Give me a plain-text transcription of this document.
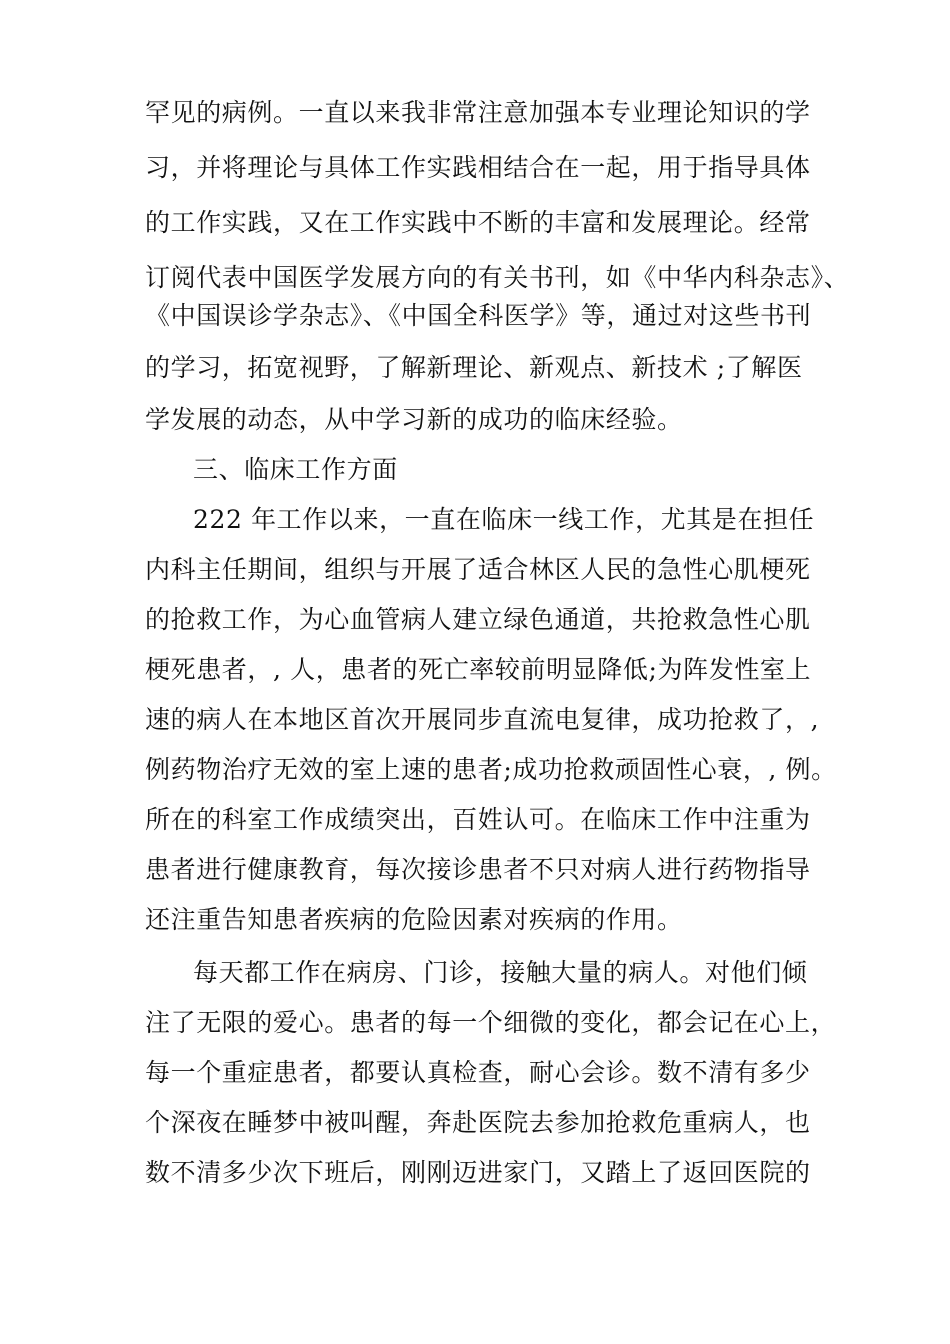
罕见的病例。一直以来我非常注意加强本专业理论知识的学
习，并将理论与具体工作实践相结合在一起，用于指导具体
的工作实践，又在工作实践中不断的丰富和发展理论。经常
订阅代表中国医学发展方向的有关书刊，如《中华内科杂志》、
《中国误诊学杂志》、《中国全科医学》等，通过对这些书刊
的学习，拓宽视野，了解新理论、新观点、新技术 ;了解医
学发展的动态，从中学习新的成功的临床经验。
三、临床工作方面
222 年工作以来，一直在临床一线工作，尤其是在担任
内科主任期间，组织与开展了适合林区人民的急性心肌梗死
的抢救工作，为心血管病人建立绿色通道，共抢救急性心肌
梗死患者，, 人，患者的死亡率较前明显降低;为阵发性室上
速的病人在本地区首次开展同步直流电复律，成功抢救了，,
例药物治疗无效的室上速的患者;成功抢救顽固性心衰，, 例。
所在的科室工作成绩突出，百姓认可。在临床工作中注重为
患者进行健康教育，每次接诊患者不只对病人进行药物指导
还注重告知患者疾病的危险因素对疾病的作用。
每天都工作在病房、门诊，接触大量的病人。对他们倾
注了无限的爱心。患者的每一个细微的变化，都会记在心上，
每一个重症患者，都要认真检查，耐心会诊。数不清有多少
个深夜在睡梦中被叫醒，奔赴医院去参加抢救危重病人，也
数不清多少次下班后，刚刚迈进家门，又踏上了返回医院的
